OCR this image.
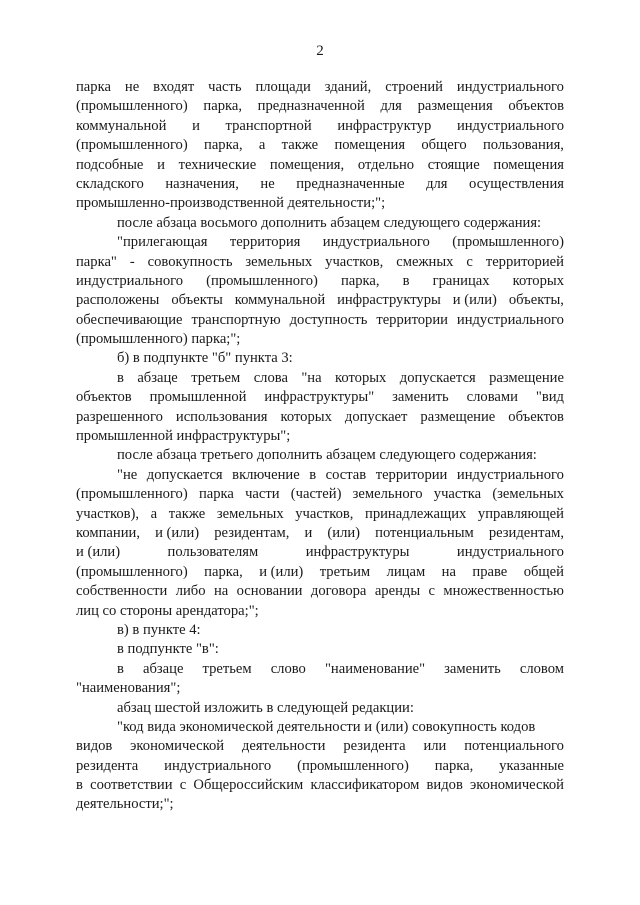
2
парка не входят часть площади зданий, строений индустриального
(промышленного) парка, предназначенной для размещения объектов
коммунальной и транспортной инфраструктур индустриального
(промышленного) парка, а также помещения общего пользования,
подсобные и технические помещения, отдельно стоящие помещения
складского назначения, не предназначенные для осуществления
промышленно-производственной деятельности;";
после абзаца восьмого дополнить абзацем следующего содержания:
"прилегающая территория индустриального (промышленного)
парка" - совокупность земельных участков, смежных с территорией
индустриального (промышленного) парка, в границах которых
расположены объекты коммунальной инфраструктуры и (или) объекты,
обеспечивающие транспортную доступность территории индустриального
(промышленного) парка;";
б) в подпункте "б" пункта 3:
в абзаце третьем слова "на которых допускается размещение
объектов промышленной инфраструктуры" заменить словами "вид
разрешенного использования которых допускает размещение объектов
промышленной инфраструктуры";
после абзаца третьего дополнить абзацем следующего содержания:
"не допускается включение в состав территории индустриального
(промышленного) парка части (частей) земельного участка (земельных
участков), а также земельных участков, принадлежащих управляющей
компании, и (или) резидентам, и (или) потенциальным резидентам,
и (или)	пользователям	инфраструктуры	индустриального
(промышленного) парка, и (или) третьим лицам на праве общей
собственности либо на основании договора аренды с множественностью
лиц со стороны арендатора;";
в) в пункте 4:
в подпункте "в":
в абзаце третьем слово "наименование" заменить словом
"наименования";
абзац шестой изложить в следующей редакции:
"код вида экономической деятельности и (или) совокупность кодов
видов экономической деятельности резидента или потенциального
резидента индустриального (промышленного) парка, указанные
в соответствии с Общероссийским классификатором видов экономической
деятельности;";
